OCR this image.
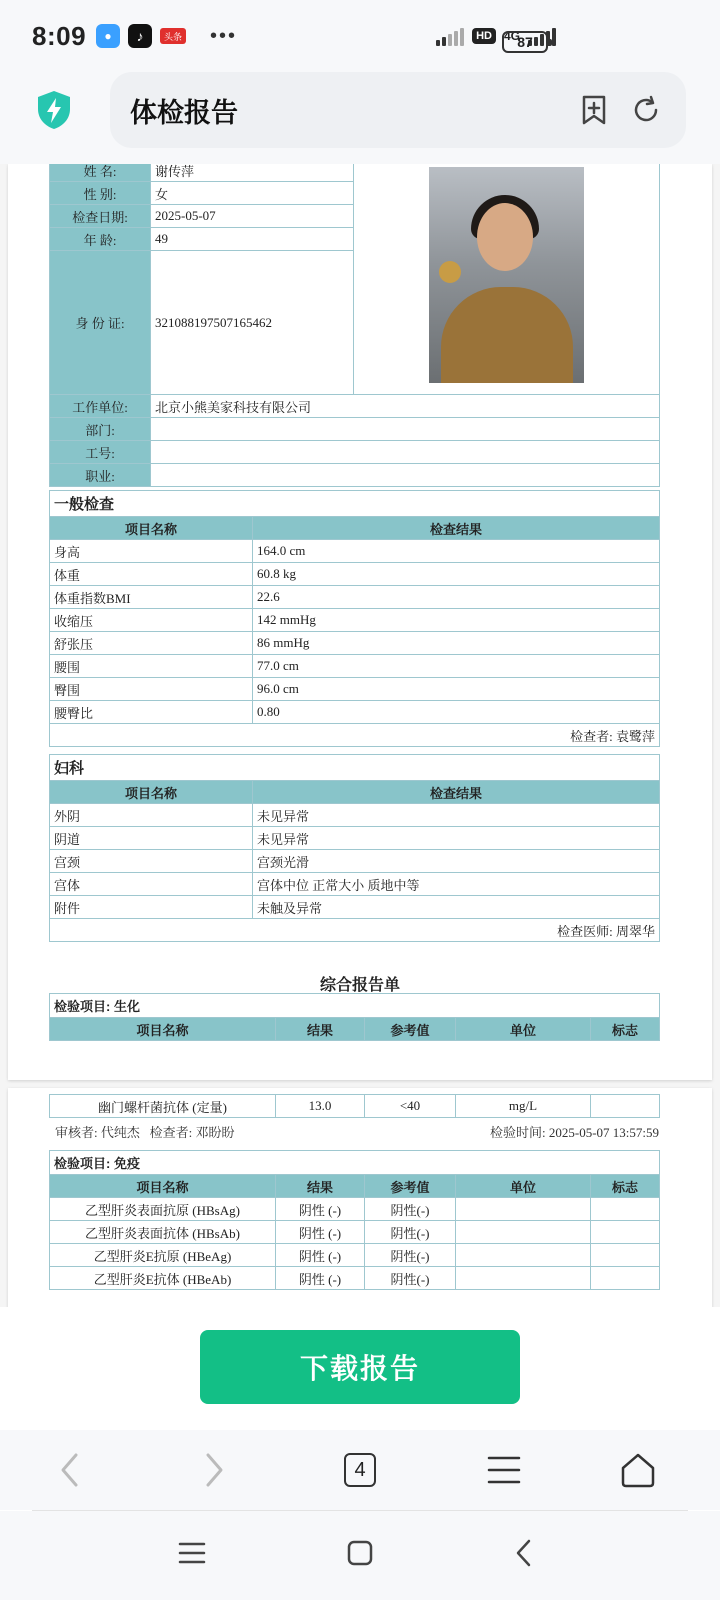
8:09	●	♪	头条 •••	HD	4G
87
体检报告
姓 名:	谢传萍	

性 别:	女	
检查日期:	2025-05-07	
年 龄:	49	
身 份 证:	321088197507165462	
工作单位:	北京小熊美家科技有限公司	
部门:		
工号:		
职业:		
一般检查	
项目名称	检查结果
身高	164.0 cm
体重	60.8 kg
体重指数BMI	22.6
收缩压	142 mmHg
舒张压	86 mmHg
腰围	77.0 cm
臀围	96.0 cm
腰臀比	0.80
检查者: 袁鹭萍	
妇科	
项目名称	检查结果
外阴	未见异常
阴道	未见异常
宫颈	宫颈光滑
宫体	宫体中位 正常大小 质地中等
附件	未触及异常
检查医师: 周翠华	
综合报告单
检验项目: 生化
项目名称	结果	参考值	单位	标志
幽门螺杆菌抗体 (定量)	13.0	<40	mg/L	
审核者: 代纯杰 检查者: 邓盼盼	检验时间: 2025-05-07 13:57:59
检验项目: 免疫				
项目名称	结果	参考值	单位	标志
乙型肝炎表面抗原 (HBsAg)	阴性 (-)	阴性(-)		
乙型肝炎表面抗体 (HBsAb)	阴性 (-)	阴性(-)		
乙型肝炎E抗原 (HBeAg)	阴性 (-)	阴性(-)		
乙型肝炎E抗体 (HBeAb)	阴性 (-)	阴性(-)		
下载报告
4
